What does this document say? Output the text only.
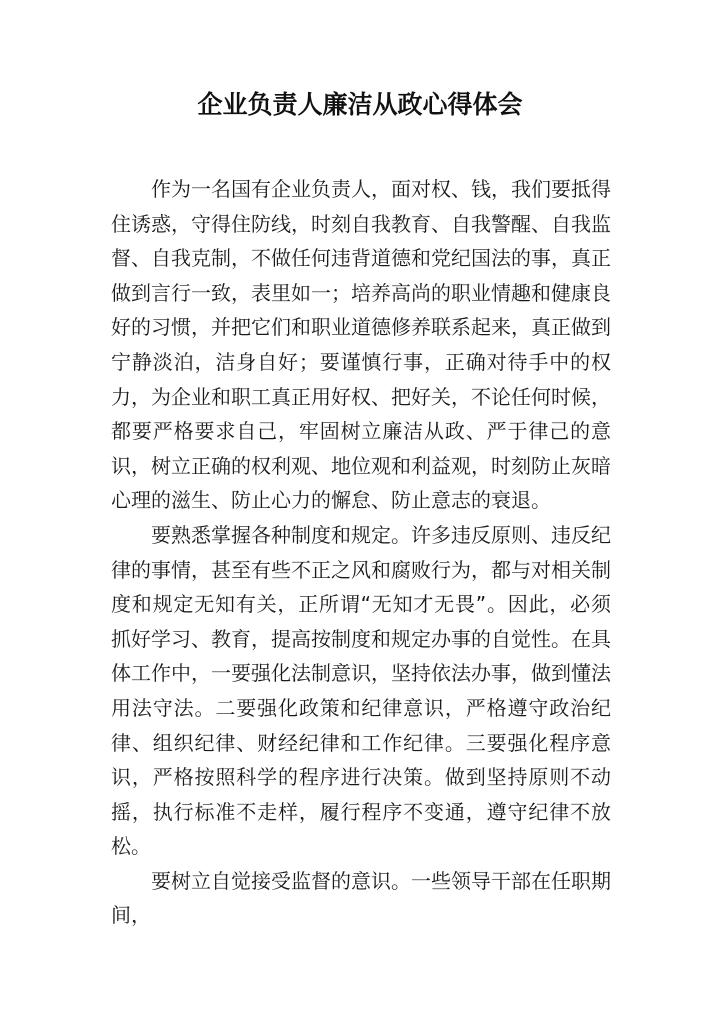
企业负责人廉洁从政心得体会

作为一名国有企业负责人，面对权、钱，我们要抵得住诱惑，守得住防线，时刻自我教育、自我警醒、自我监督、自我克制，不做任何违背道德和党纪国法的事，真正做到言行一致，表里如一；培养高尚的职业情趣和健康良好的习惯，并把它们和职业道德修养联系起来，真正做到宁静淡泊，洁身自好；要谨慎行事，正确对待手中的权力，为企业和职工真正用好权、把好关，不论任何时候，都要严格要求自己，牢固树立廉洁从政、严于律己的意识，树立正确的权利观、地位观和利益观，时刻防止灰暗心理的滋生、防止心力的懈怠、防止意志的衰退。

要熟悉掌握各种制度和规定。许多违反原则、违反纪律的事情，甚至有些不正之风和腐败行为，都与对相关制度和规定无知有关，正所谓“无知才无畏”。因此，必须抓好学习、教育，提高按制度和规定办事的自觉性。在具体工作中，一要强化法制意识，坚持依法办事，做到懂法用法守法。二要强化政策和纪律意识，严格遵守政治纪律、组织纪律、财经纪律和工作纪律。三要强化程序意识，严格按照科学的程序进行决策。做到坚持原则不动摇，执行标准不走样，履行程序不变通，遵守纪律不放松。

要树立自觉接受监督的意识。一些领导干部在任职期间，
